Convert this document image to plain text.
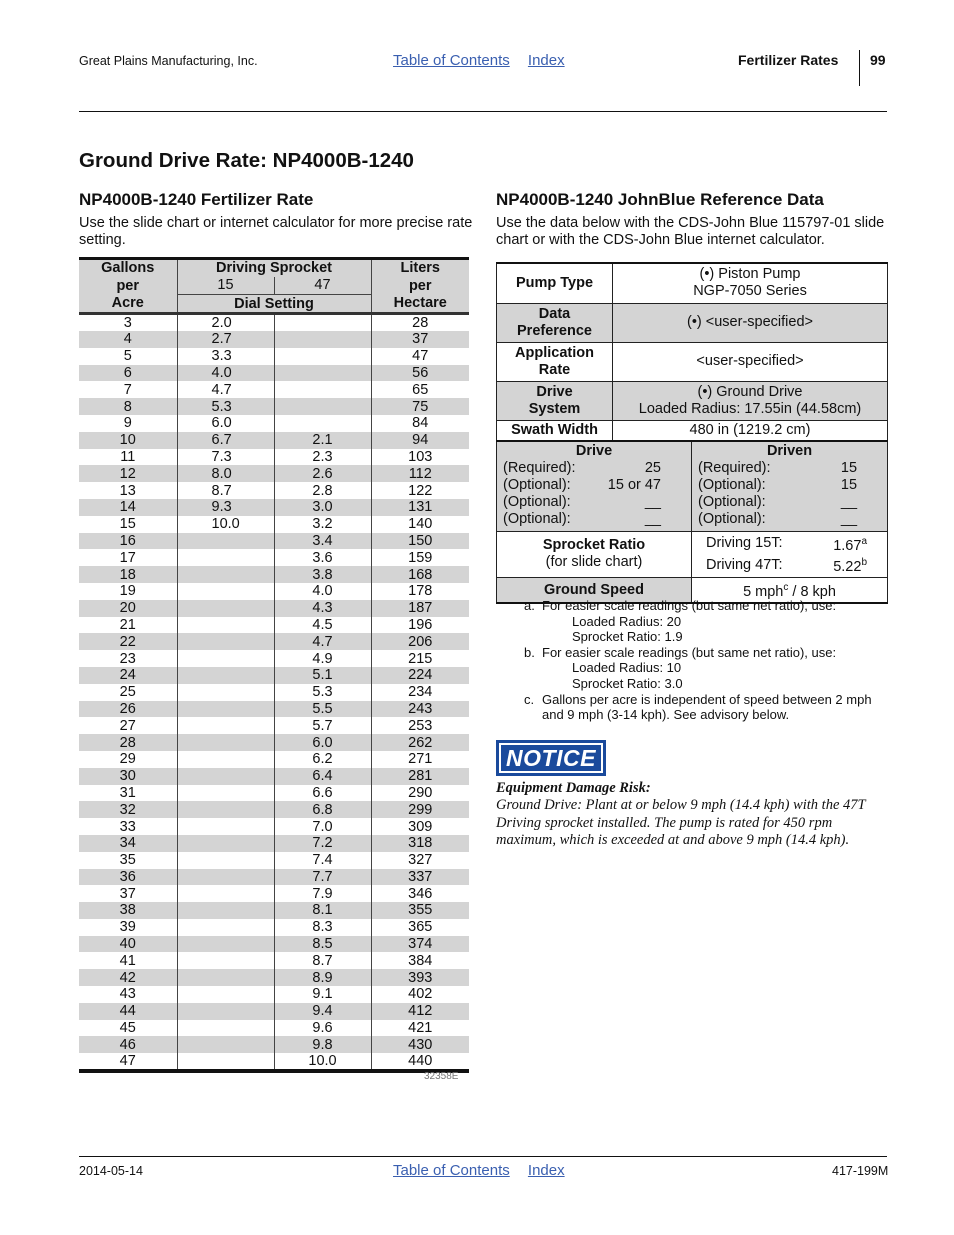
Great Plains Manufacturing, Inc.	Table of Contents Index	Fertilizer Rates 99
Ground Drive Rate: NP4000B-1240
NP4000B-1240 Fertilizer Rate
Use the slide chart or internet calculator for more precise rate setting.
Gallons	Driving Sprocket		Liters
per	15	47	per
Acre	Dial Setting		Hectare
3	2.0		28
4	2.7		37
5	3.3		47
6	4.0		56
7	4.7		65
8	5.3		75
9	6.0		84
10	6.7	2.1	94
11	7.3	2.3	103
12	8.0	2.6	112
13	8.7	2.8	122
14	9.3	3.0	131
15	10.0	3.2	140
16		3.4	150
17		3.6	159
18		3.8	168
19		4.0	178
20		4.3	187
21		4.5	196
22		4.7	206
23		4.9	215
24		5.1	224
25		5.3	234
26		5.5	243
27		5.7	253
28		6.0	262
29		6.2	271
30		6.4	281
31		6.6	290
32		6.8	299
33		7.0	309
34		7.2	318
35		7.4	327
36		7.7	337
37		7.9	346
38		8.1	355
39		8.3	365
40		8.5	374
41		8.7	384
42		8.9	393
43		9.1	402
44		9.4	412
45		9.6	421
46		9.8	430
47		10.0	440
32358E
NP4000B-1240 JohnBlue Reference Data
Use the data below with the CDS-John Blue 115797-01 slide chart or with the CDS-John Blue internet calculator.
Pump Type	(•) Piston Pump
NGP-7050 Series
Data
Preference	(•) <user-specified>
Application
Rate	<user-specified>
Drive
System	(•) Ground Drive
Loaded Radius: 17.55in (44.58cm)
Swath Width	480 in (1219.2 cm)

Drive
(Required):	25
(Optional):	15 or 47
(Optional):	__
(Optional):	__

Driven
(Required):	15
(Optional):	15
(Optional):	__
(Optional):	__

Sprocket Ratio
(for slide chart)	
Driving 15T:	1.67$^a$
Driving 47T:	5.22$^b$

Ground Speed	5 mph$^c$ / 8 kph
a. For easier scale readings (but same net ratio), use:
Loaded Radius: 20
Sprocket Ratio: 1.9
b. For easier scale readings (but same net ratio), use:
Loaded Radius: 10
Sprocket Ratio: 3.0
c. Gallons per acre is independent of speed between 2 mph and 9 mph (3-14 kph). See advisory below.
NOTICE
Equipment Damage Risk:
Ground Drive: Plant at or below 9 mph (14.4 kph) with the 47T Driving sprocket installed. The pump is rated for 450 rpm maximum, which is exceeded at and above 9 mph (14.4 kph).
2014-05-14	Table of Contents Index	417-199M
